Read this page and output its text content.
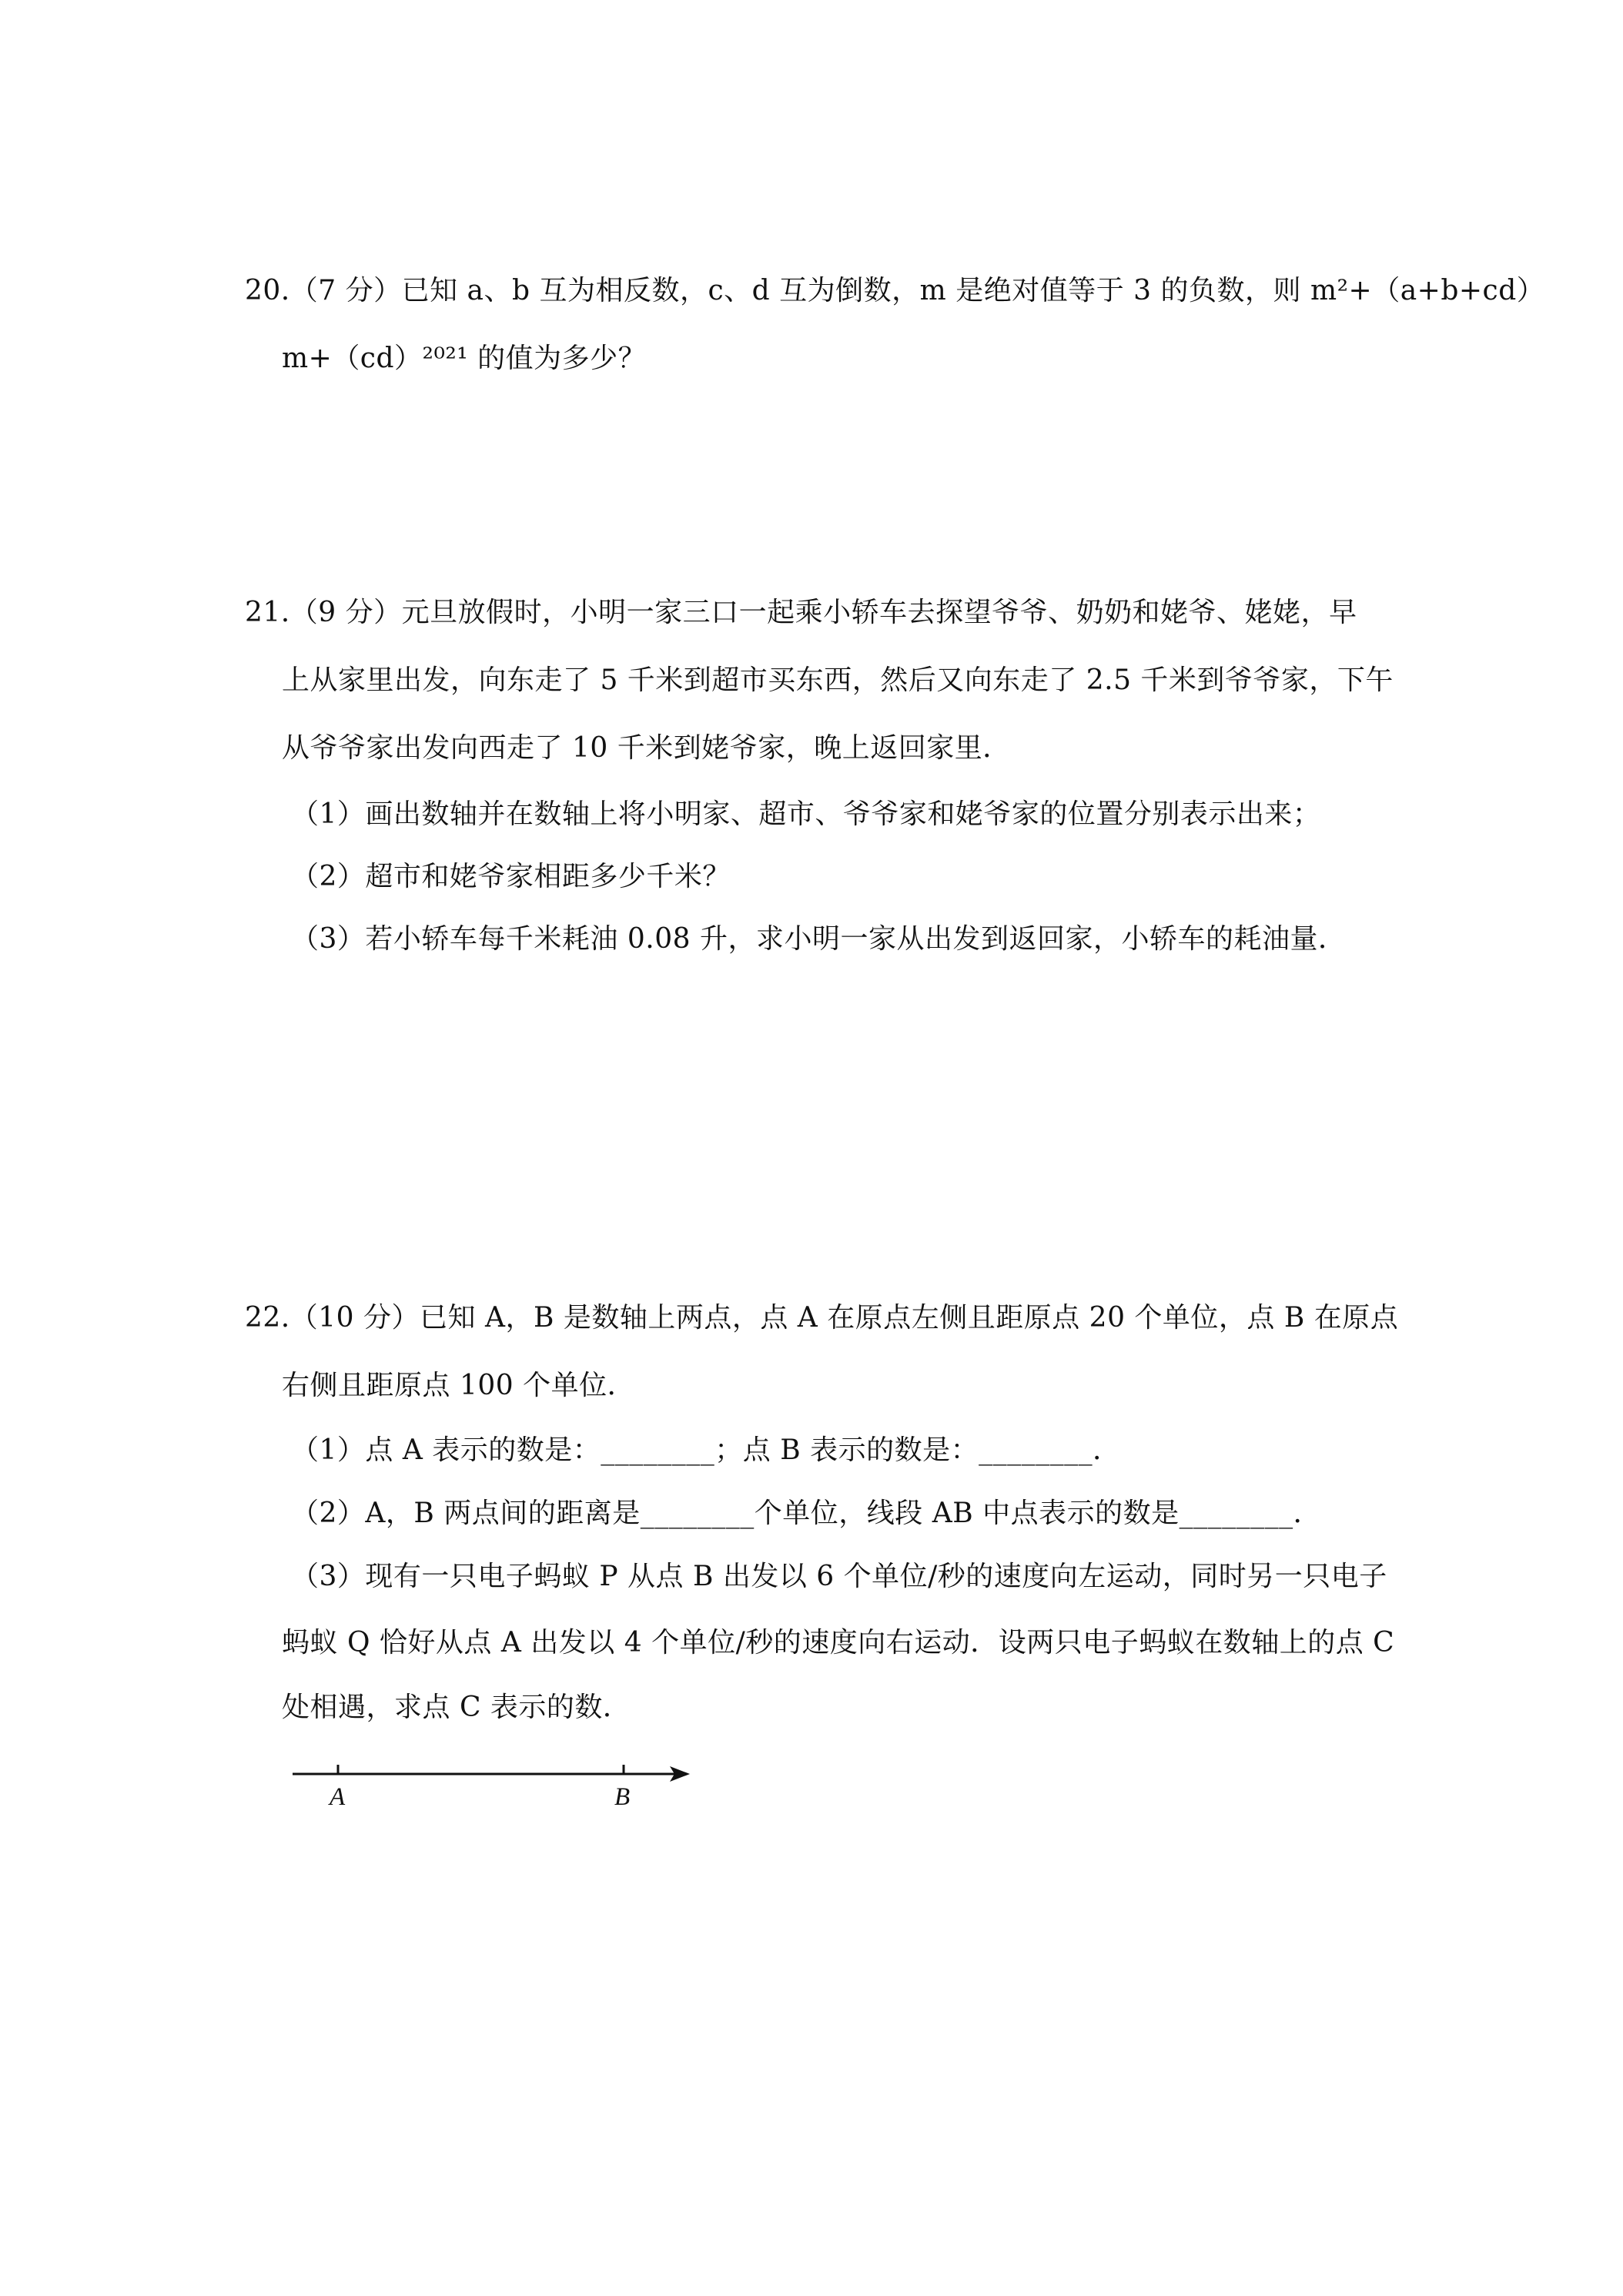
20.（7 分）已知 a、b 互为相反数，c、d 互为倒数，m 是绝对值等于 3 的负数，则 m²+（a+b+cd）
m+（cd）²⁰²¹ 的值为多少？
21.（9 分）元旦放假时，小明一家三口一起乘小轿车去探望爷爷、奶奶和姥爷、姥姥，早
上从家里出发，向东走了 5 千米到超市买东西，然后又向东走了 2.5 千米到爷爷家，下午
从爷爷家出发向西走了 10 千米到姥爷家，晚上返回家里．
（1）画出数轴并在数轴上将小明家、超市、爷爷家和姥爷家的位置分别表示出来；
（2）超市和姥爷家相距多少千米？
（3）若小轿车每千米耗油 0.08 升，求小明一家从出发到返回家，小轿车的耗油量．
22.（10 分）已知 A，B 是数轴上两点，点 A 在原点左侧且距原点 20 个单位，点 B 在原点
右侧且距原点 100 个单位．
（1）点 A 表示的数是：________；点 B 表示的数是：________．
（2）A，B 两点间的距离是________个单位，线段 AB 中点表示的数是________．
（3）现有一只电子蚂蚁 P 从点 B 出发以 6 个单位/秒的速度向左运动，同时另一只电子
蚂蚁 Q 恰好从点 A 出发以 4 个单位/秒的速度向右运动．设两只电子蚂蚁在数轴上的点 C
处相遇，求点 C 表示的数．
A	B
